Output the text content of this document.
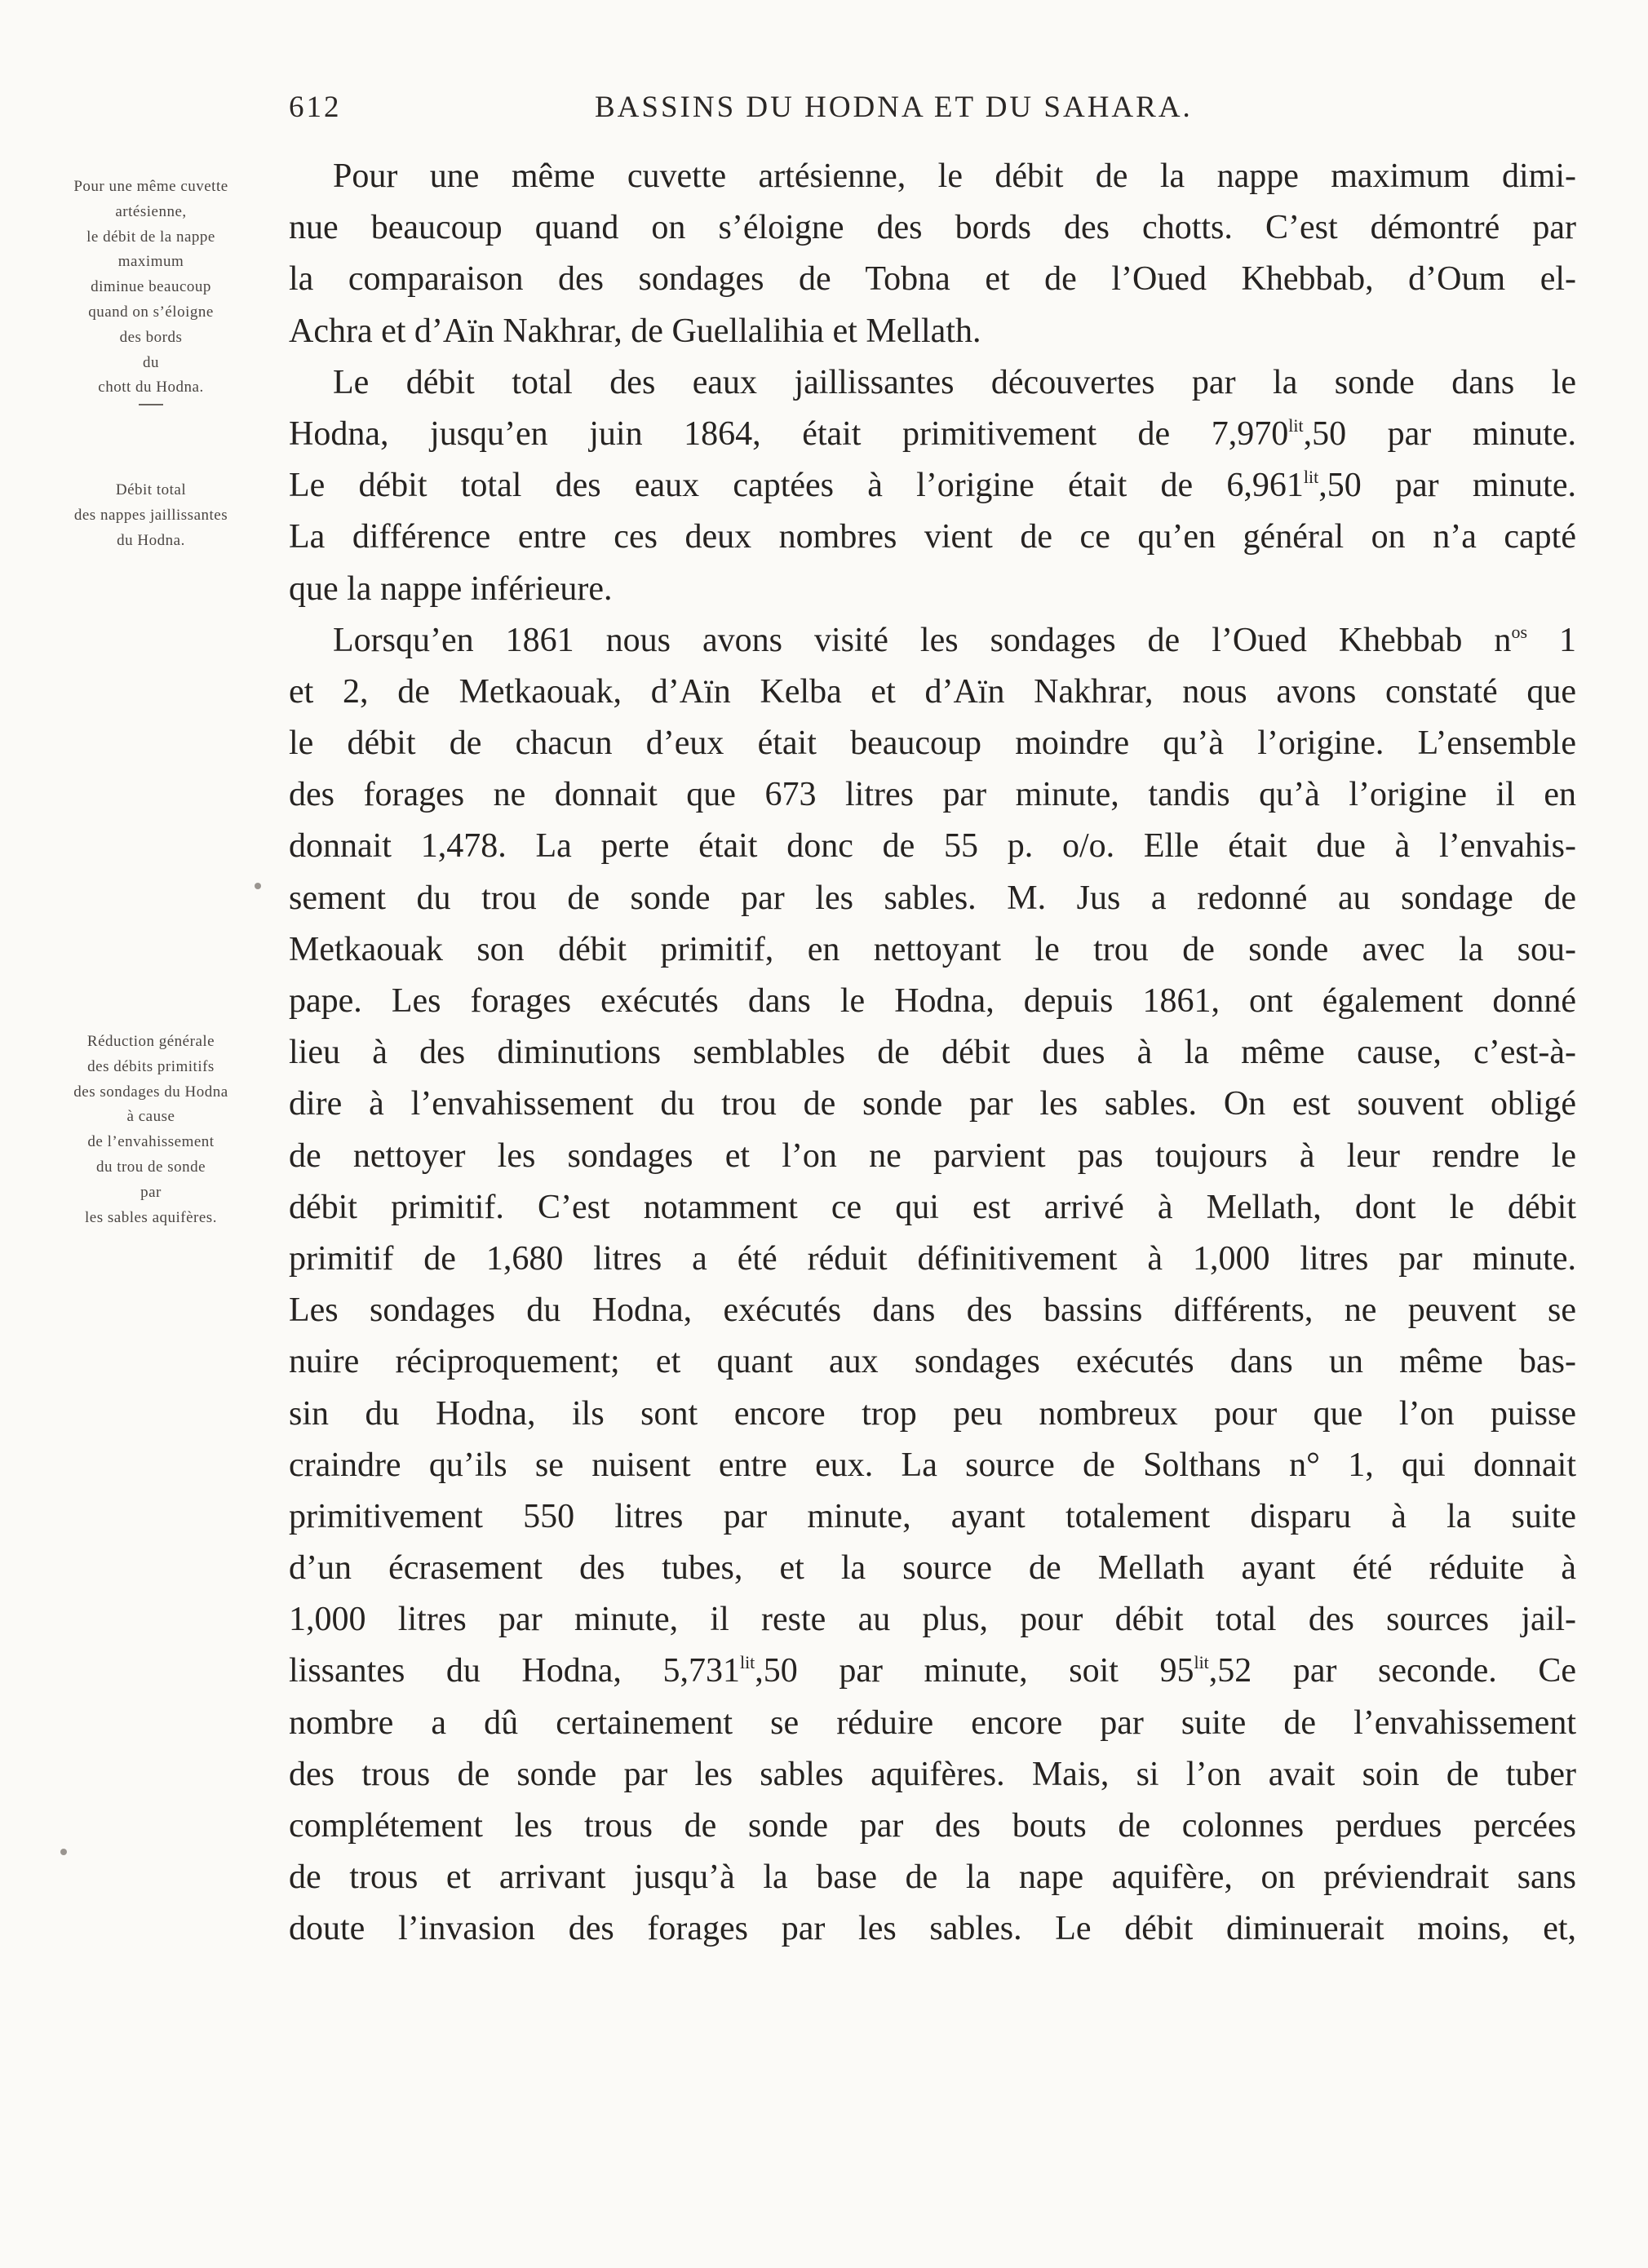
612	BASSINS DU HODNA ET DU SAHARA.
Pour une même cuvette
artésienne,
le débit de la nappe
maximum
diminue beaucoup
quand on s’éloigne
des bords
du
chott du Hodna.
Débit total
des nappes jaillissantes
du Hodna.
Réduction générale
des débits primitifs
des sondages du Hodna
à cause
de l’envahissement
du trou de sonde
par
les sables aquifères.
Pour une même cuvette artésienne, le débit de la nappe maximum dimi-
nue beaucoup quand on s’éloigne des bords des chotts. C’est démontré par
la comparaison des sondages de Tobna et de l’Oued Khebbab, d’Oum el-
Achra et d’Aïn Nakhrar, de Guellalihia et Mellath.
Le débit total des eaux jaillissantes découvertes par la sonde dans le
Hodna, jusqu’en juin 1864, était primitivement de $7,970^{lit},50$ par minute.
Le débit total des eaux captées à l’origine était de $6,961^{lit},50$ par minute.
La différence entre ces deux nombres vient de ce qu’en général on n’a capté
que la nappe inférieure.
Lorsqu’en 1861 nous avons visité les sondages de l’Oued Khebbab $n^{os}$ 1
et 2, de Metkaouak, d’Aïn Kelba et d’Aïn Nakhrar, nous avons constaté que
le débit de chacun d’eux était beaucoup moindre qu’à l’origine. L’ensemble
des forages ne donnait que 673 litres par minute, tandis qu’à l’origine il en
donnait 1,478. La perte était donc de 55 p. o/o. Elle était due à l’envahis-
sement du trou de sonde par les sables. M. Jus a redonné au sondage de
Metkaouak son débit primitif, en nettoyant le trou de sonde avec la sou-
pape. Les forages exécutés dans le Hodna, depuis 1861, ont également donné
lieu à des diminutions semblables de débit dues à la même cause, c’est-à-
dire à l’envahissement du trou de sonde par les sables. On est souvent obligé
de nettoyer les sondages et l’on ne parvient pas toujours à leur rendre le
débit primitif. C’est notamment ce qui est arrivé à Mellath, dont le débit
primitif de 1,680 litres a été réduit définitivement à 1,000 litres par minute.
Les sondages du Hodna, exécutés dans des bassins différents, ne peuvent se
nuire réciproquement; et quant aux sondages exécutés dans un même bas-
sin du Hodna, ils sont encore trop peu nombreux pour que l’on puisse
craindre qu’ils se nuisent entre eux. La source de Solthans n° 1, qui donnait
primitivement 550 litres par minute, ayant totalement disparu à la suite
d’un écrasement des tubes, et la source de Mellath ayant été réduite à
1,000 litres par minute, il reste au plus, pour débit total des sources jail-
lissantes du Hodna, $5,731^{lit},50$ par minute, soit $95^{lit},52$ par seconde. Ce
nombre a dû certainement se réduire encore par suite de l’envahissement
des trous de sonde par les sables aquifères. Mais, si l’on avait soin de tuber
complétement les trous de sonde par des bouts de colonnes perdues percées
de trous et arrivant jusqu’à la base de la nape aquifère, on préviendrait sans
doute l’invasion des forages par les sables. Le débit diminuerait moins, et,
